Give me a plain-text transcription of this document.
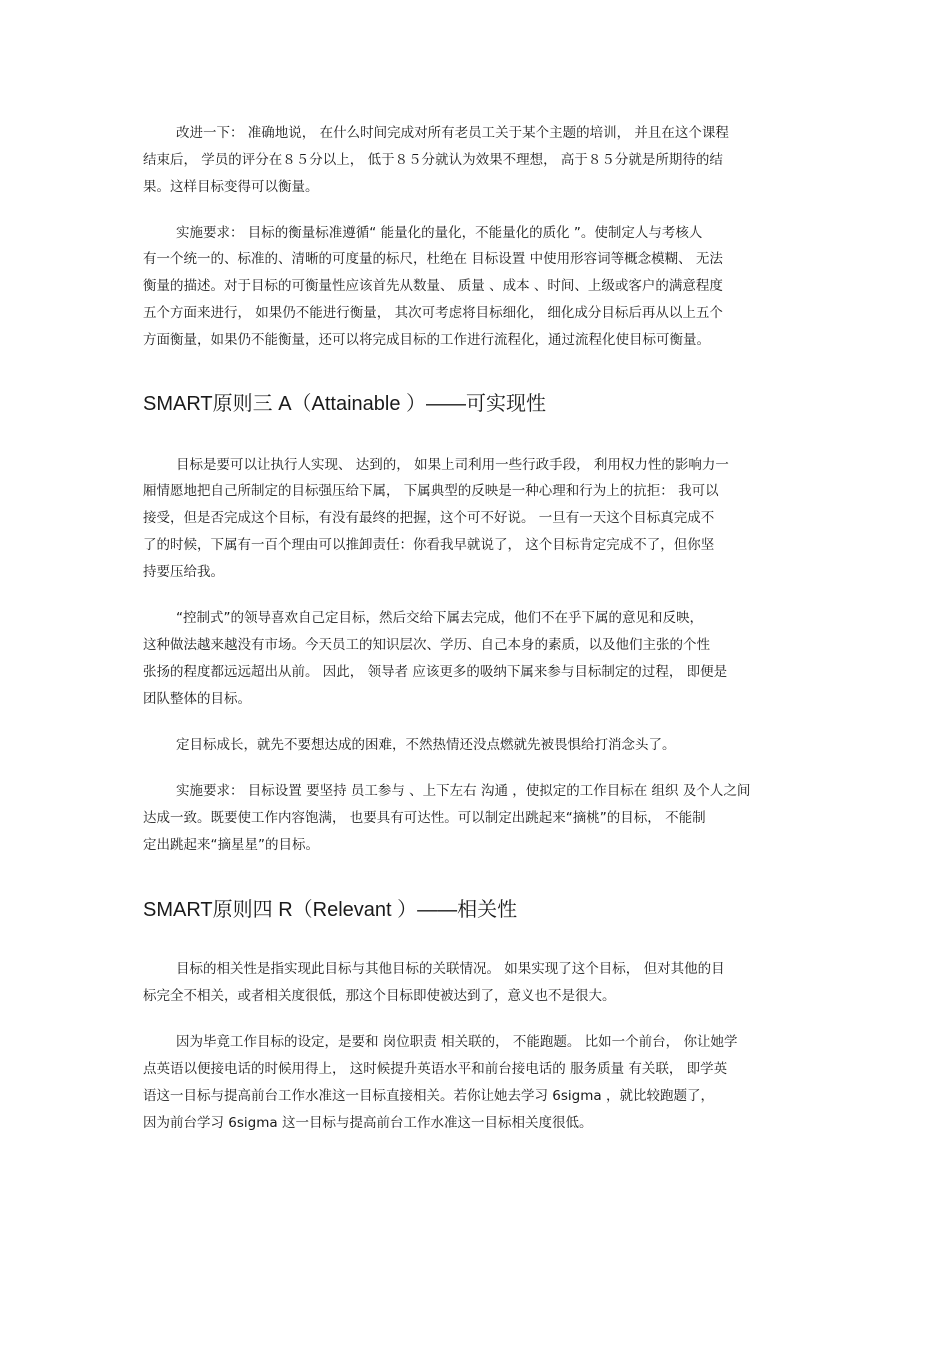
改进一下： 准确地说， 在什么时间完成对所有老员工关于某个主题的培训， 并且在这个课程

结束后， 学员的评分在８５分以上， 低于８５分就认为效果不理想， 高于８５分就是所期待的结

果。这样目标变得可以衡量。

实施要求： 目标的衡量标准遵循“ 能量化的量化，不能量化的质化 ”。使制定人与考核人

有一个统一的、标准的、清晰的可度量的标尺，杜绝在 目标设置 中使用形容词等概念模糊、 无法

衡量的描述。对于目标的可衡量性应该首先从数量、 质量 、成本 、时间、上级或客户的满意程度

五个方面来进行， 如果仍不能进行衡量， 其次可考虑将目标细化， 细化成分目标后再从以上五个

方面衡量，如果仍不能衡量，还可以将完成目标的工作进行流程化，通过流程化使目标可衡量。

SMART原则三 A（Attainable ）——可实现性

目标是要可以让执行人实现、 达到的， 如果上司利用一些行政手段， 利用权力性的影响力一

厢情愿地把自己所制定的目标强压给下属， 下属典型的反映是一种心理和行为上的抗拒： 我可以

接受，但是否完成这个目标，有没有最终的把握，这个可不好说。 一旦有一天这个目标真完成不

了的时候，下属有一百个理由可以推卸责任：你看我早就说了， 这个目标肯定完成不了，但你坚

持要压给我。

“控制式”的领导喜欢自己定目标，然后交给下属去完成，他们不在乎下属的意见和反映，

这种做法越来越没有市场。今天员工的知识层次、学历、自己本身的素质，以及他们主张的个性

张扬的程度都远远超出从前。 因此， 领导者 应该更多的吸纳下属来参与目标制定的过程， 即便是

团队整体的目标。

定目标成长，就先不要想达成的困难，不然热情还没点燃就先被畏惧给打消念头了。

实施要求： 目标设置 要坚持 员工参与 、上下左右 沟通 ，使拟定的工作目标在 组织 及个人之间

达成一致。既要使工作内容饱满， 也要具有可达性。可以制定出跳起来“摘桃”的目标， 不能制

定出跳起来“摘星星”的目标。

SMART原则四 R（Relevant ）——相关性

目标的相关性是指实现此目标与其他目标的关联情况。 如果实现了这个目标， 但对其他的目

标完全不相关，或者相关度很低，那这个目标即使被达到了，意义也不是很大。

因为毕竟工作目标的设定，是要和 岗位职责 相关联的， 不能跑题。 比如一个前台， 你让她学

点英语以便接电话的时候用得上， 这时候提升英语水平和前台接电话的 服务质量 有关联， 即学英

语这一目标与提高前台工作水准这一目标直接相关。若你让她去学习 6sigma ，就比较跑题了，

因为前台学习 6sigma 这一目标与提高前台工作水准这一目标相关度很低。
